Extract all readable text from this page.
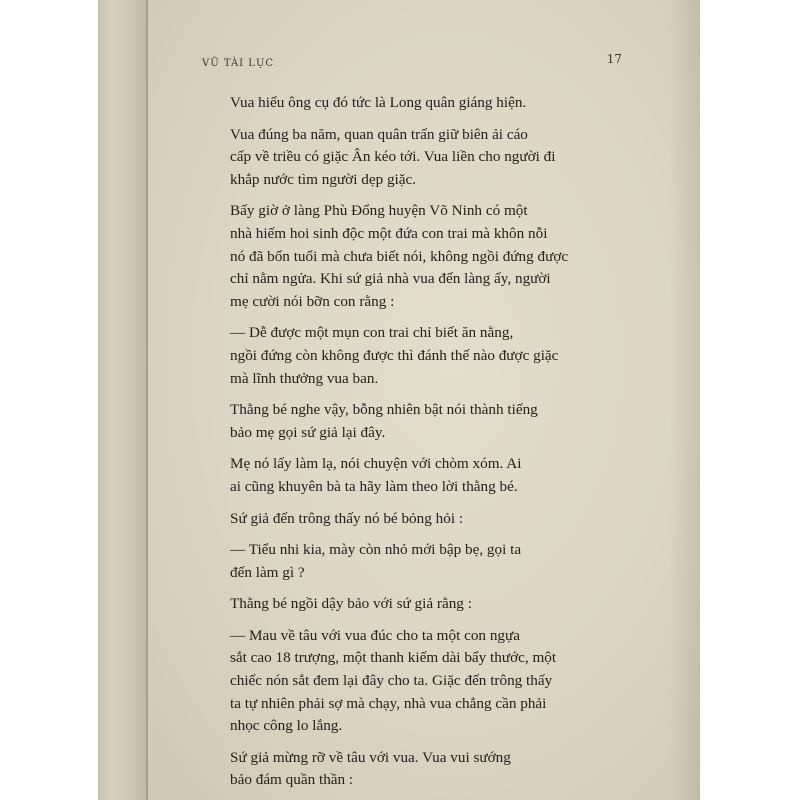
VŨ TÀI LỤC	17

Vua hiểu ông cụ đó tức là Long quân giáng hiện.

Vua đúng ba năm, quan quân trấn giữ biên ải cáo
cấp về triều có giặc Ân kéo tới. Vua liền cho người đi
khắp nước tìm người dẹp giặc.

Bấy giờ ở làng Phù Đổng huyện Võ Ninh có một
nhà hiếm hoi sinh độc một đứa con trai mà khôn nỗi
nó đã bốn tuổi mà chưa biết nói, không ngồi đứng được
chỉ nằm ngửa. Khi sứ giả nhà vua đến làng ấy, người
mẹ cười nói bỡn con rằng :

— Dễ được một mụn con trai chỉ biết ăn nằng,
ngồi đứng còn không được thì đánh thế nào được giặc
mà lĩnh thưởng vua ban.

Thằng bé nghe vậy, bỗng nhiên bật nói thành tiếng
bảo mẹ gọi sứ giả lại đây.

Mẹ nó lấy làm lạ, nói chuyện với chòm xóm. Ai
ai cũng khuyên bà ta hãy làm theo lời thằng bé.

Sứ giả đến trông thấy nó bé bỏng hỏi :

— Tiểu nhi kia, mày còn nhỏ mới bập bẹ, gọi ta
đến làm gì ?

Thằng bé ngồi dậy bảo với sứ giả rằng :

— Mau về tâu với vua đúc cho ta một con ngựa
sắt cao 18 trượng, một thanh kiếm dài bẩy thước, một
chiếc nón sắt đem lại đây cho ta. Giặc đến trông thấy
ta tự nhiên phải sợ mà chạy, nhà vua chẳng cần phải
nhọc công lo lắng.

Sứ giả mừng rỡ về tâu với vua. Vua vui sướng
bảo đám quần thần :
